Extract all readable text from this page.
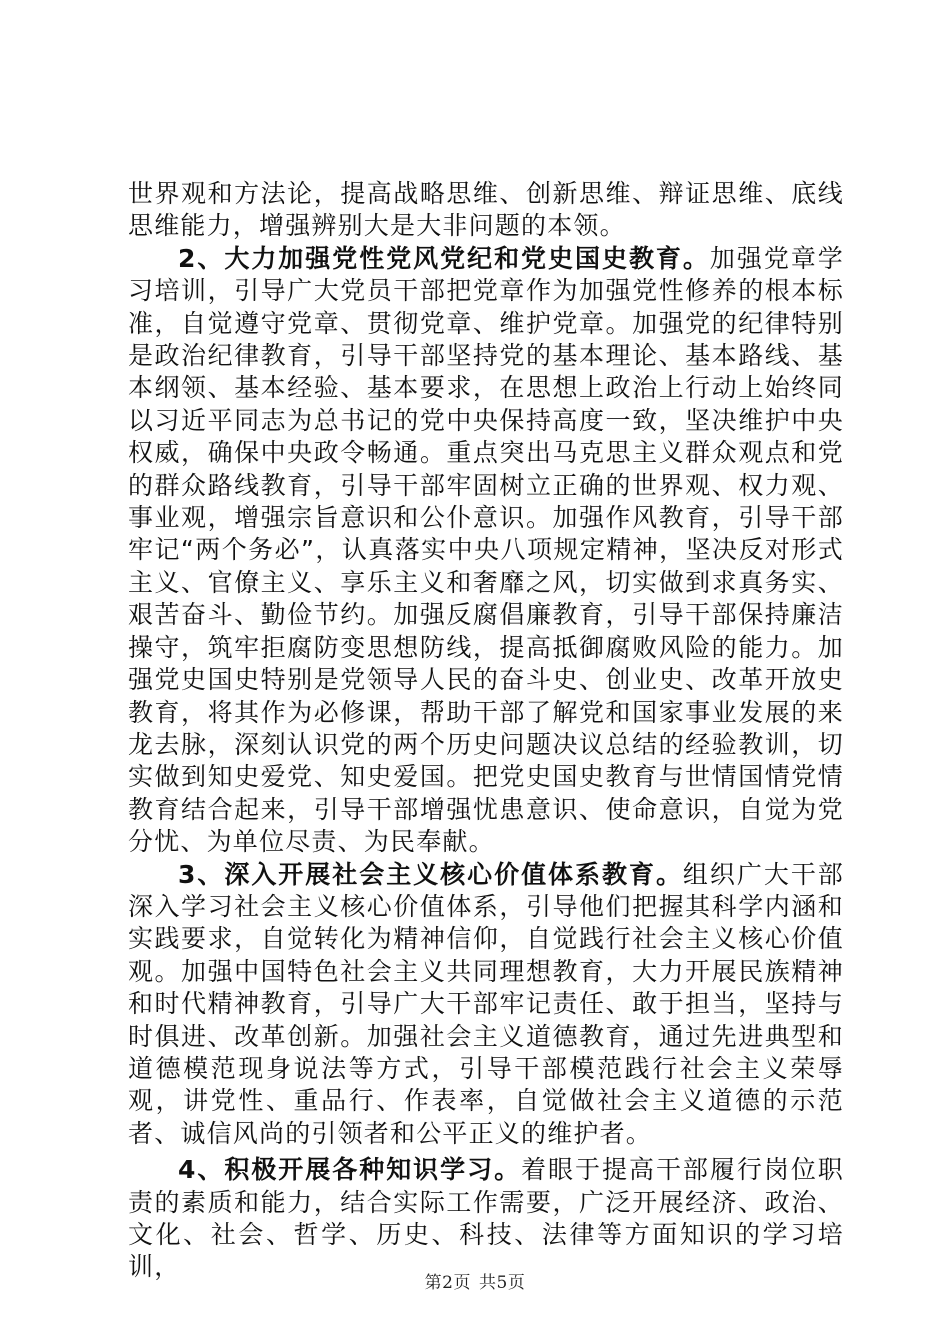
世界观和方法论，提高战略思维、创新思维、辩证思维、底线思维能力，增强辨别大是大非问题的本领。

2、大力加强党性党风党纪和党史国史教育。加强党章学习培训，引导广大党员干部把党章作为加强党性修养的根本标准，自觉遵守党章、贯彻党章、维护党章。加强党的纪律特别是政治纪律教育，引导干部坚持党的基本理论、基本路线、基本纲领、基本经验、基本要求，在思想上政治上行动上始终同以习近平同志为总书记的党中央保持高度一致，坚决维护中央权威，确保中央政令畅通。重点突出马克思主义群众观点和党的群众路线教育，引导干部牢固树立正确的世界观、权力观、事业观，增强宗旨意识和公仆意识。加强作风教育，引导干部牢记“两个务必”，认真落实中央八项规定精神，坚决反对形式主义、官僚主义、享乐主义和奢靡之风，切实做到求真务实、艰苦奋斗、勤俭节约。加强反腐倡廉教育，引导干部保持廉洁操守，筑牢拒腐防变思想防线，提高抵御腐败风险的能力。加强党史国史特别是党领导人民的奋斗史、创业史、改革开放史教育，将其作为必修课，帮助干部了解党和国家事业发展的来龙去脉，深刻认识党的两个历史问题决议总结的经验教训，切实做到知史爱党、知史爱国。把党史国史教育与世情国情党情教育结合起来，引导干部增强忧患意识、使命意识，自觉为党分忧、为单位尽责、为民奉献。

3、深入开展社会主义核心价值体系教育。组织广大干部深入学习社会主义核心价值体系，引导他们把握其科学内涵和实践要求，自觉转化为精神信仰，自觉践行社会主义核心价值观。加强中国特色社会主义共同理想教育，大力开展民族精神和时代精神教育，引导广大干部牢记责任、敢于担当，坚持与时俱进、改革创新。加强社会主义道德教育，通过先进典型和道德模范现身说法等方式，引导干部模范践行社会主义荣辱观，讲党性、重品行、作表率，自觉做社会主义道德的示范者、诚信风尚的引领者和公平正义的维护者。

4、积极开展各种知识学习。着眼于提高干部履行岗位职责的素质和能力，结合实际工作需要，广泛开展经济、政治、文化、社会、哲学、历史、科技、法律等方面知识的学习培训，

第2页 共5页
